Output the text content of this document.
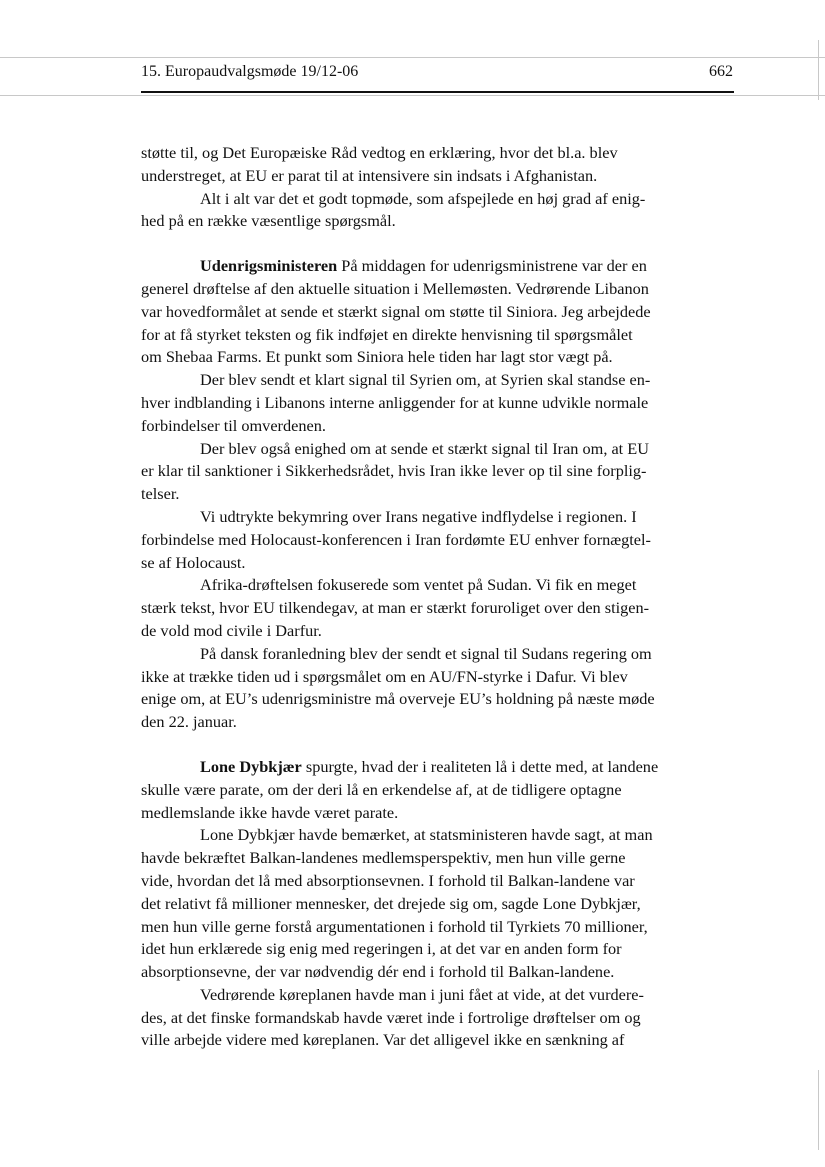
15. Europaudvalgsmøde 19/12-06	662

støtte til, og Det Europæiske Råd vedtog en erklæring, hvor det bl.a. blev
understreget, at EU er parat til at intensivere sin indsats i Afghanistan.

Alt i alt var det et godt topmøde, som afspejlede en høj grad af enig-
hed på en række væsentlige spørgsmål.

Udenrigsministeren På middagen for udenrigsministrene var der en
generel drøftelse af den aktuelle situation i Mellemøsten. Vedrørende Libanon
var hovedformålet at sende et stærkt signal om støtte til Siniora. Jeg arbejdede
for at få styrket teksten og fik indføjet en direkte henvisning til spørgsmålet
om Shebaa Farms. Et punkt som Siniora hele tiden har lagt stor vægt på.

Der blev sendt et klart signal til Syrien om, at Syrien skal standse en-
hver indblanding i Libanons interne anliggender for at kunne udvikle normale
forbindelser til omverdenen.

Der blev også enighed om at sende et stærkt signal til Iran om, at EU
er klar til sanktioner i Sikkerhedsrådet, hvis Iran ikke lever op til sine forplig-
telser.

Vi udtrykte bekymring over Irans negative indflydelse i regionen. I
forbindelse med Holocaust-konferencen i Iran fordømte EU enhver fornægtel-
se af Holocaust.

Afrika-drøftelsen fokuserede som ventet på Sudan. Vi fik en meget
stærk tekst, hvor EU tilkendegav, at man er stærkt foruroliget over den stigen-
de vold mod civile i Darfur.

På dansk foranledning blev der sendt et signal til Sudans regering om
ikke at trække tiden ud i spørgsmålet om en AU/FN-styrke i Dafur. Vi blev
enige om, at EU’s udenrigsministre må overveje EU’s holdning på næste møde
den 22. januar.

Lone Dybkjær spurgte, hvad der i realiteten lå i dette med, at landene
skulle være parate, om der deri lå en erkendelse af, at de tidligere optagne
medlemslande ikke havde været parate.

Lone Dybkjær havde bemærket, at statsministeren havde sagt, at man
havde bekræftet Balkan-landenes medlemsperspektiv, men hun ville gerne
vide, hvordan det lå med absorptionsevnen. I forhold til Balkan-landene var
det relativt få millioner mennesker, det drejede sig om, sagde Lone Dybkjær,
men hun ville gerne forstå argumentationen i forhold til Tyrkiets 70 millioner,
idet hun erklærede sig enig med regeringen i, at det var en anden form for
absorptionsevne, der var nødvendig dér end i forhold til Balkan-landene.

Vedrørende køreplanen havde man i juni fået at vide, at det vurdere-
des, at det finske formandskab havde været inde i fortrolige drøftelser om og
ville arbejde videre med køreplanen. Var det alligevel ikke en sænkning af
